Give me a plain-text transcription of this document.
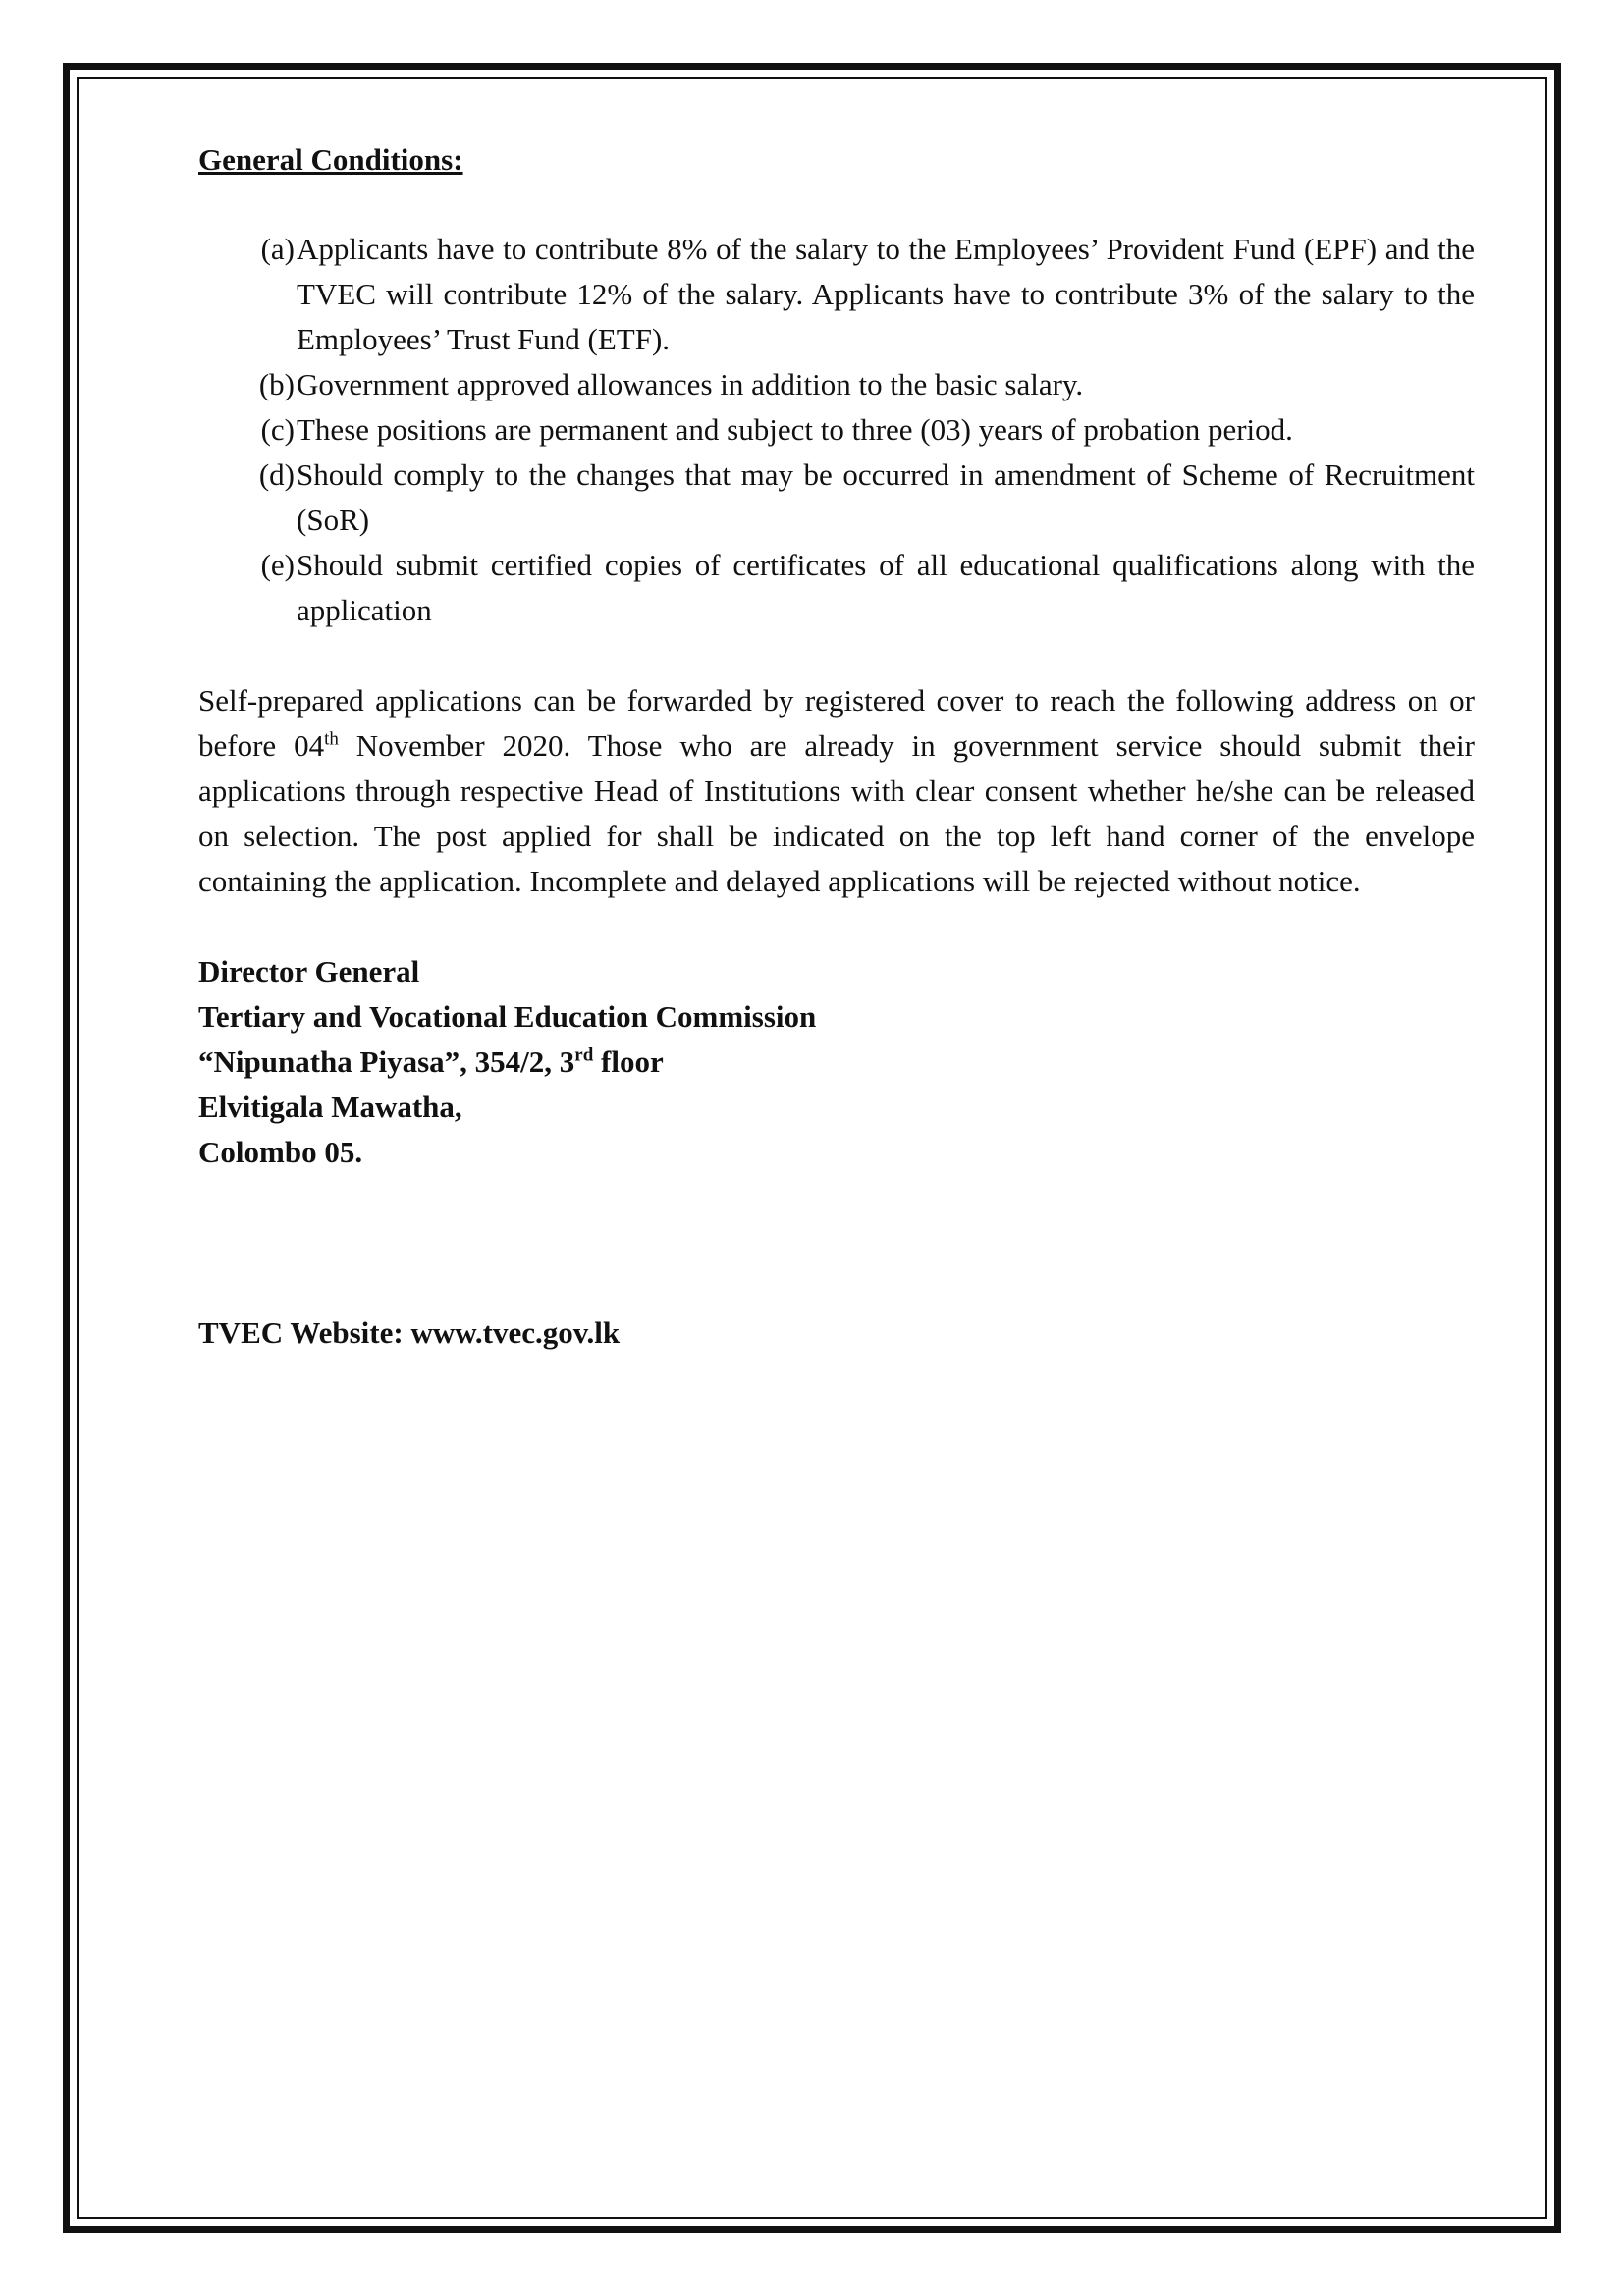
General Conditions:

(a) Applicants have to contribute 8% of the salary to the Employees’ Provident Fund (EPF) and the TVEC will contribute 12% of the salary. Applicants have to contribute 3% of the salary to the Employees’ Trust Fund (ETF).
(b) Government approved allowances in addition to the basic salary.
(c) These positions are permanent and subject to three (03) years of probation period.
(d) Should comply to the changes that may be occurred in amendment of Scheme of Recruitment (SoR)
(e) Should submit certified copies of certificates of all educational qualifications along with the application

Self-prepared applications can be forwarded by registered cover to reach the following address on or before 04th November 2020. Those who are already in government service should submit their applications through respective Head of Institutions with clear consent whether he/she can be released on selection. The post applied for shall be indicated on the top left hand corner of the envelope containing the application. Incomplete and delayed applications will be rejected without notice.

Director General
Tertiary and Vocational Education Commission
“Nipunatha Piyasa”, 354/2, 3rd floor
Elvitigala Mawatha,
Colombo 05.
TVEC Website: www.tvec.gov.lk
